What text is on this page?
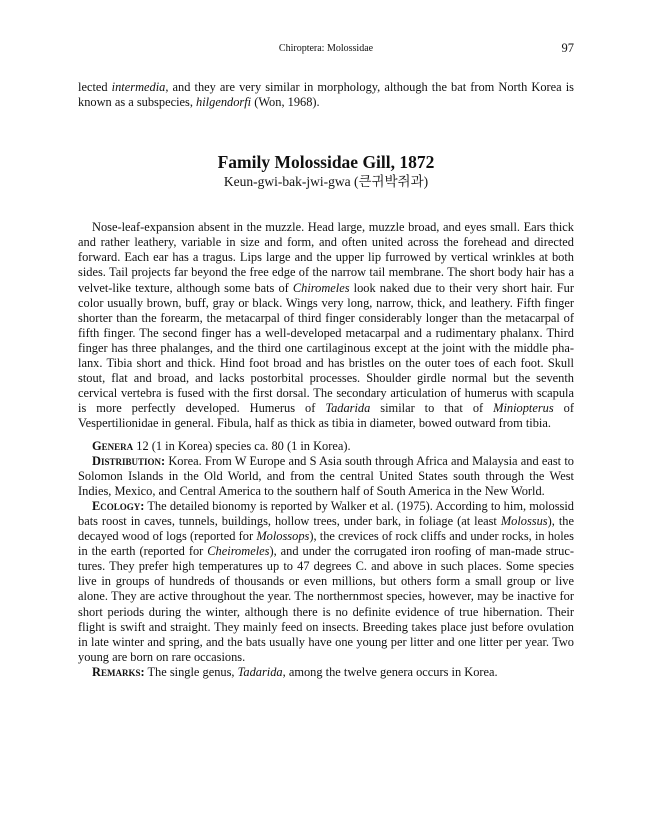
Chiroptera: Molossidae	97

lected intermedia, and they are very similar in morphology, although the bat from North Korea is known as a subspecies, hilgendorfi (Won, 1968).

Family Molossidae Gill, 1872

Keun-gwi-bak-jwi-gwa (큰귀박쥐과)

Nose-leaf-expansion absent in the muzzle. Head large, muzzle broad, and eyes small. Ears thick and rather leathery, variable in size and form, and often united across the forehead and directed forward. Each ear has a tragus. Lips large and the upper lip furrowed by vertical wrinkles at both sides. Tail projects far beyond the free edge of the narrow tail membrane. The short body hair has a velvet-like texture, although some bats of Chiromeles look naked due to their very short hair. Fur color usually brown, buff, gray or black. Wings very long, narrow, thick, and leathery. Fifth finger shorter than the forearm, the metacarpal of third finger considerably longer than the metacarpal of fifth finger. The second finger has a well-developed metacarpal and a rudimentary phalanx. Third finger has three phalanges, and the third one cartilaginous except at the joint with the middle phalanx. Tibia short and thick. Hind foot broad and has bristles on the outer toes of each foot. Skull stout, flat and broad, and lacks postorbital processes. Shoulder girdle normal but the seventh cervical vertebra is fused with the first dorsal. The secondary articulation of humerus with scapula is more perfectly developed. Humerus of Tadarida similar to that of Miniopterus of Vespertilionidae in general. Fibula, half as thick as tibia in diameter, bowed outward from tibia.

Genera 12 (1 in Korea) species ca. 80 (1 in Korea).

Distribution: Korea. From W Europe and S Asia south through Africa and Malaysia and east to Solomon Islands in the Old World, and from the central United States south through the West Indies, Mexico, and Central America to the southern half of South America in the New World.

Ecology: The detailed bionomy is reported by Walker et al. (1975). According to him, molossid bats roost in caves, tunnels, buildings, hollow trees, under bark, in foliage (at least Molossus), the decayed wood of logs (reported for Molossops), the crevices of rock cliffs and under rocks, in holes in the earth (reported for Cheiromeles), and under the corrugated iron roofing of man-made structures. They prefer high temperatures up to 47 degrees C. and above in such places. Some species live in groups of hundreds of thousands or even millions, but others form a small group or live alone. They are active throughout the year. The northernmost species, however, may be inactive for short periods during the winter, although there is no definite evidence of true hibernation. Their flight is swift and straight. They mainly feed on insects. Breeding takes place just before ovulation in late winter and spring, and the bats usually have one young per litter and one litter per year. Two young are born on rare occasions.

Remarks: The single genus, Tadarida, among the twelve genera occurs in Korea.
